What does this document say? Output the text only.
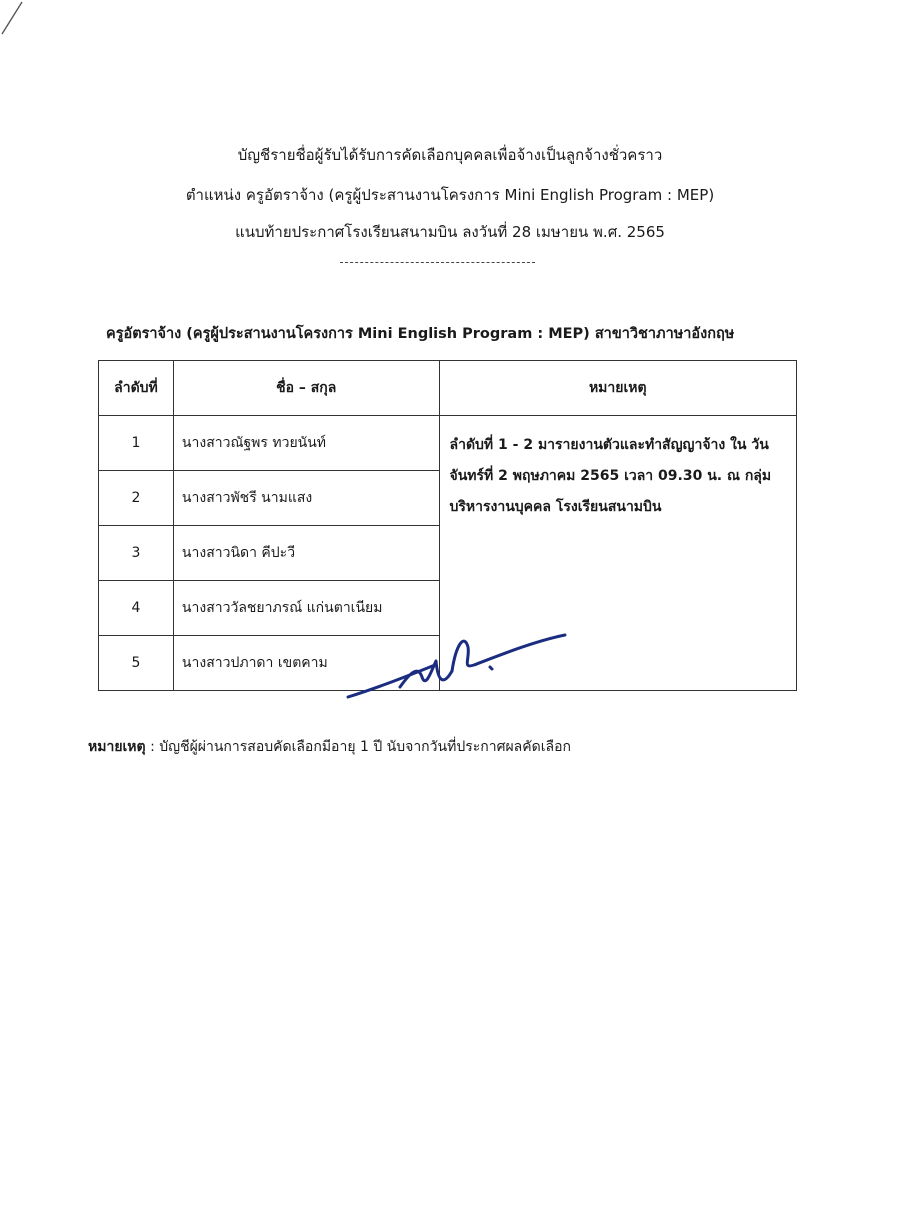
บัญชีรายชื่อผู้รับได้รับการคัดเลือกบุคคลเพื่อจ้างเป็นลูกจ้างชั่วคราว
ตำแหน่ง ครูอัตราจ้าง (ครูผู้ประสานงานโครงการ Mini English Program : MEP)
แนบท้ายประกาศโรงเรียนสนามบิน ลงวันที่ 28 เมษายน พ.ศ. 2565
ครูอัตราจ้าง (ครูผู้ประสานงานโครงการ Mini English Program : MEP) สาขาวิชาภาษาอังกฤษ
ลำดับที่	ชื่อ – สกุล	หมายเหตุ
1	นางสาวณัฐพร ทวยนันท์	ลำดับที่ 1 - 2 มารายงานตัวและทำสัญญาจ้าง ใน วันจันทร์ที่ 2 พฤษภาคม 2565 เวลา 09.30 น. ณ กลุ่มบริหารงานบุคคล โรงเรียนสนามบิน
2	นางสาวพัชรี นามแสง	
3	นางสาวนิดา คีปะวี	
4	นางสาววัลชยาภรณ์ แก่นตาเนียม	
5	นางสาวปภาดา เขตคาม	
หมายเหตุ : บัญชีผู้ผ่านการสอบคัดเลือกมีอายุ 1 ปี นับจากวันที่ประกาศผลคัดเลือก
